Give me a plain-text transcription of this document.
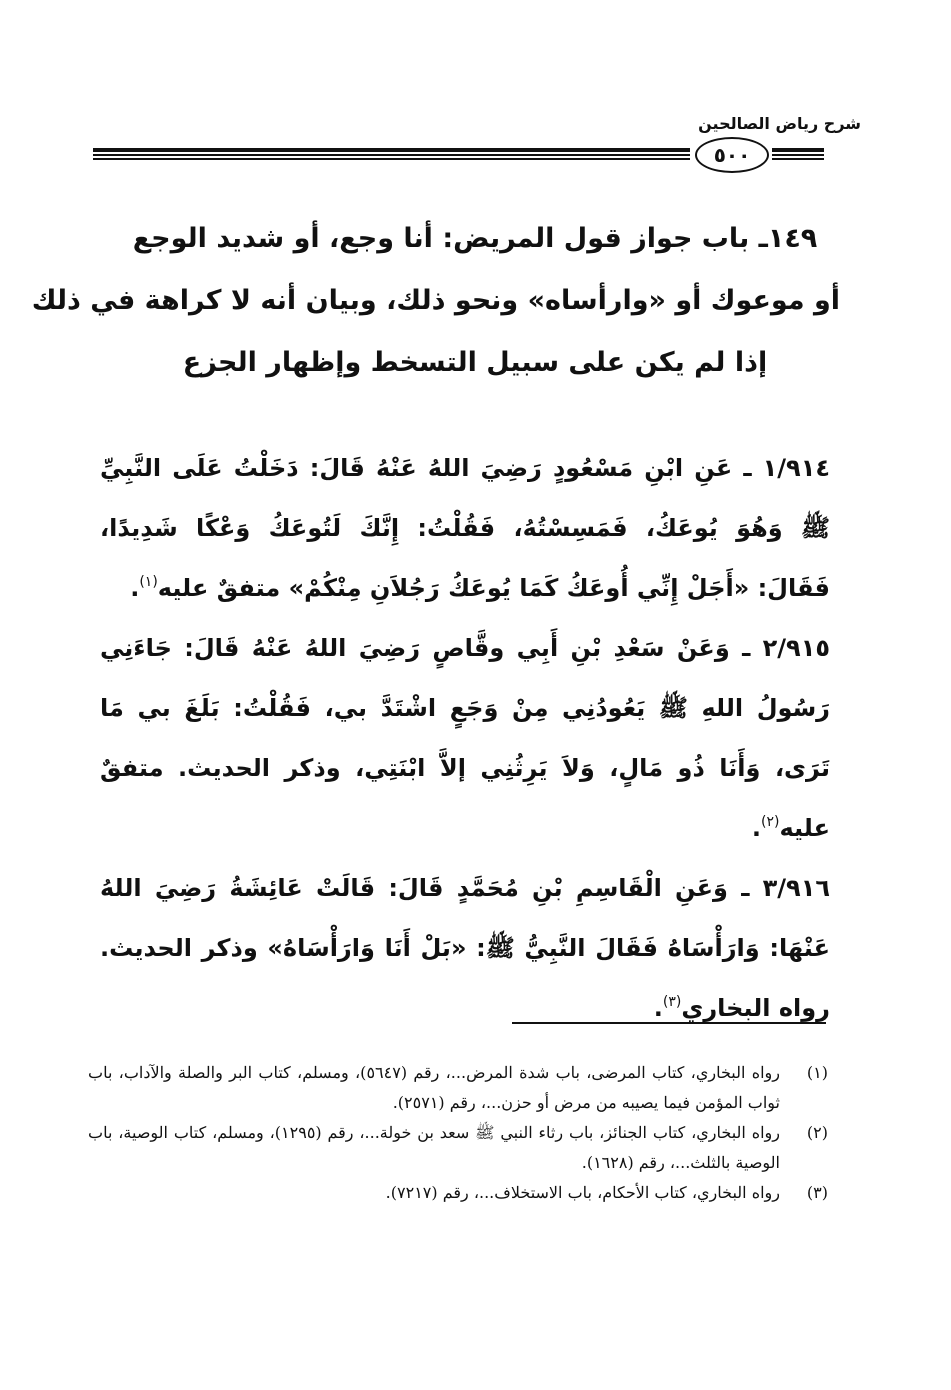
شرح رياض الصالحين
٥٠٠
١٤٩ـ باب جواز قول المريض: أنا وجع، أو شديد الوجع
أو موعوك أو «وارأساه» ونحو ذلك، وبيان أنه لا كراهة في ذلك
إذا لم يكن على سبيل التسخط وإظهار الجزع

١/٩١٤ ـ عَنِ ابْنِ مَسْعُودٍ رَضِيَ اللهُ عَنْهُ قَالَ: دَخَلْتُ عَلَى النَّبِيِّ ﷺ وَهُوَ يُوعَكُ، فَمَسِسْتُهُ، فَقُلْتُ: إِنَّكَ لَتُوعَكُ وَعْكًا شَدِيدًا، فَقَالَ: «أَجَلْ إِنِّي أُوعَكُ كَمَا يُوعَكُ رَجُلاَنِ مِنْكُمْ» متفقٌ عليه$^{(١)}$.

٢/٩١٥ ـ وَعَنْ سَعْدِ بْنِ أَبِي وقَّاصٍ رَضِيَ اللهُ عَنْهُ قَالَ: جَاءَنِي رَسُولُ اللهِ ﷺ يَعُودُنِي مِنْ وَجَعٍ اشْتَدَّ بي، فَقُلْتُ: بَلَغَ بي مَا تَرَى، وَأَنَا ذُو مَالٍ، وَلاَ يَرِثُنِي إلاَّ ابْنَتِي، وذكر الحديث. متفقٌ عليه$^{(٢)}$.

٣/٩١٦ ـ وَعَنِ الْقَاسِمِ بْنِ مُحَمَّدٍ قَالَ: قَالَتْ عَائِشَةُ رَضِيَ اللهُ عَنْهَا: وَارَأْسَاهُ فَقَالَ النَّبِيُّ ﷺ: «بَلْ أَنَا وَارَأْسَاهُ» وذكر الحديث. رواه البخاري$^{(٣)}$.

(١)
رواه البخاري، كتاب المرضى، باب شدة المرض...، رقم (٥٦٤٧)، ومسلم، كتاب البر والصلة والآداب، باب ثواب المؤمن فيما يصيبه من مرض أو حزن...، رقم (٢٥٧١).
(٢)
رواه البخاري، كتاب الجنائز، باب رثاء النبي ﷺ سعد بن خولة...، رقم (١٢٩٥)، ومسلم، كتاب الوصية، باب الوصية بالثلث...، رقم (١٦٢٨).
(٣)
رواه البخاري، كتاب الأحكام، باب الاستخلاف...، رقم (٧٢١٧).
